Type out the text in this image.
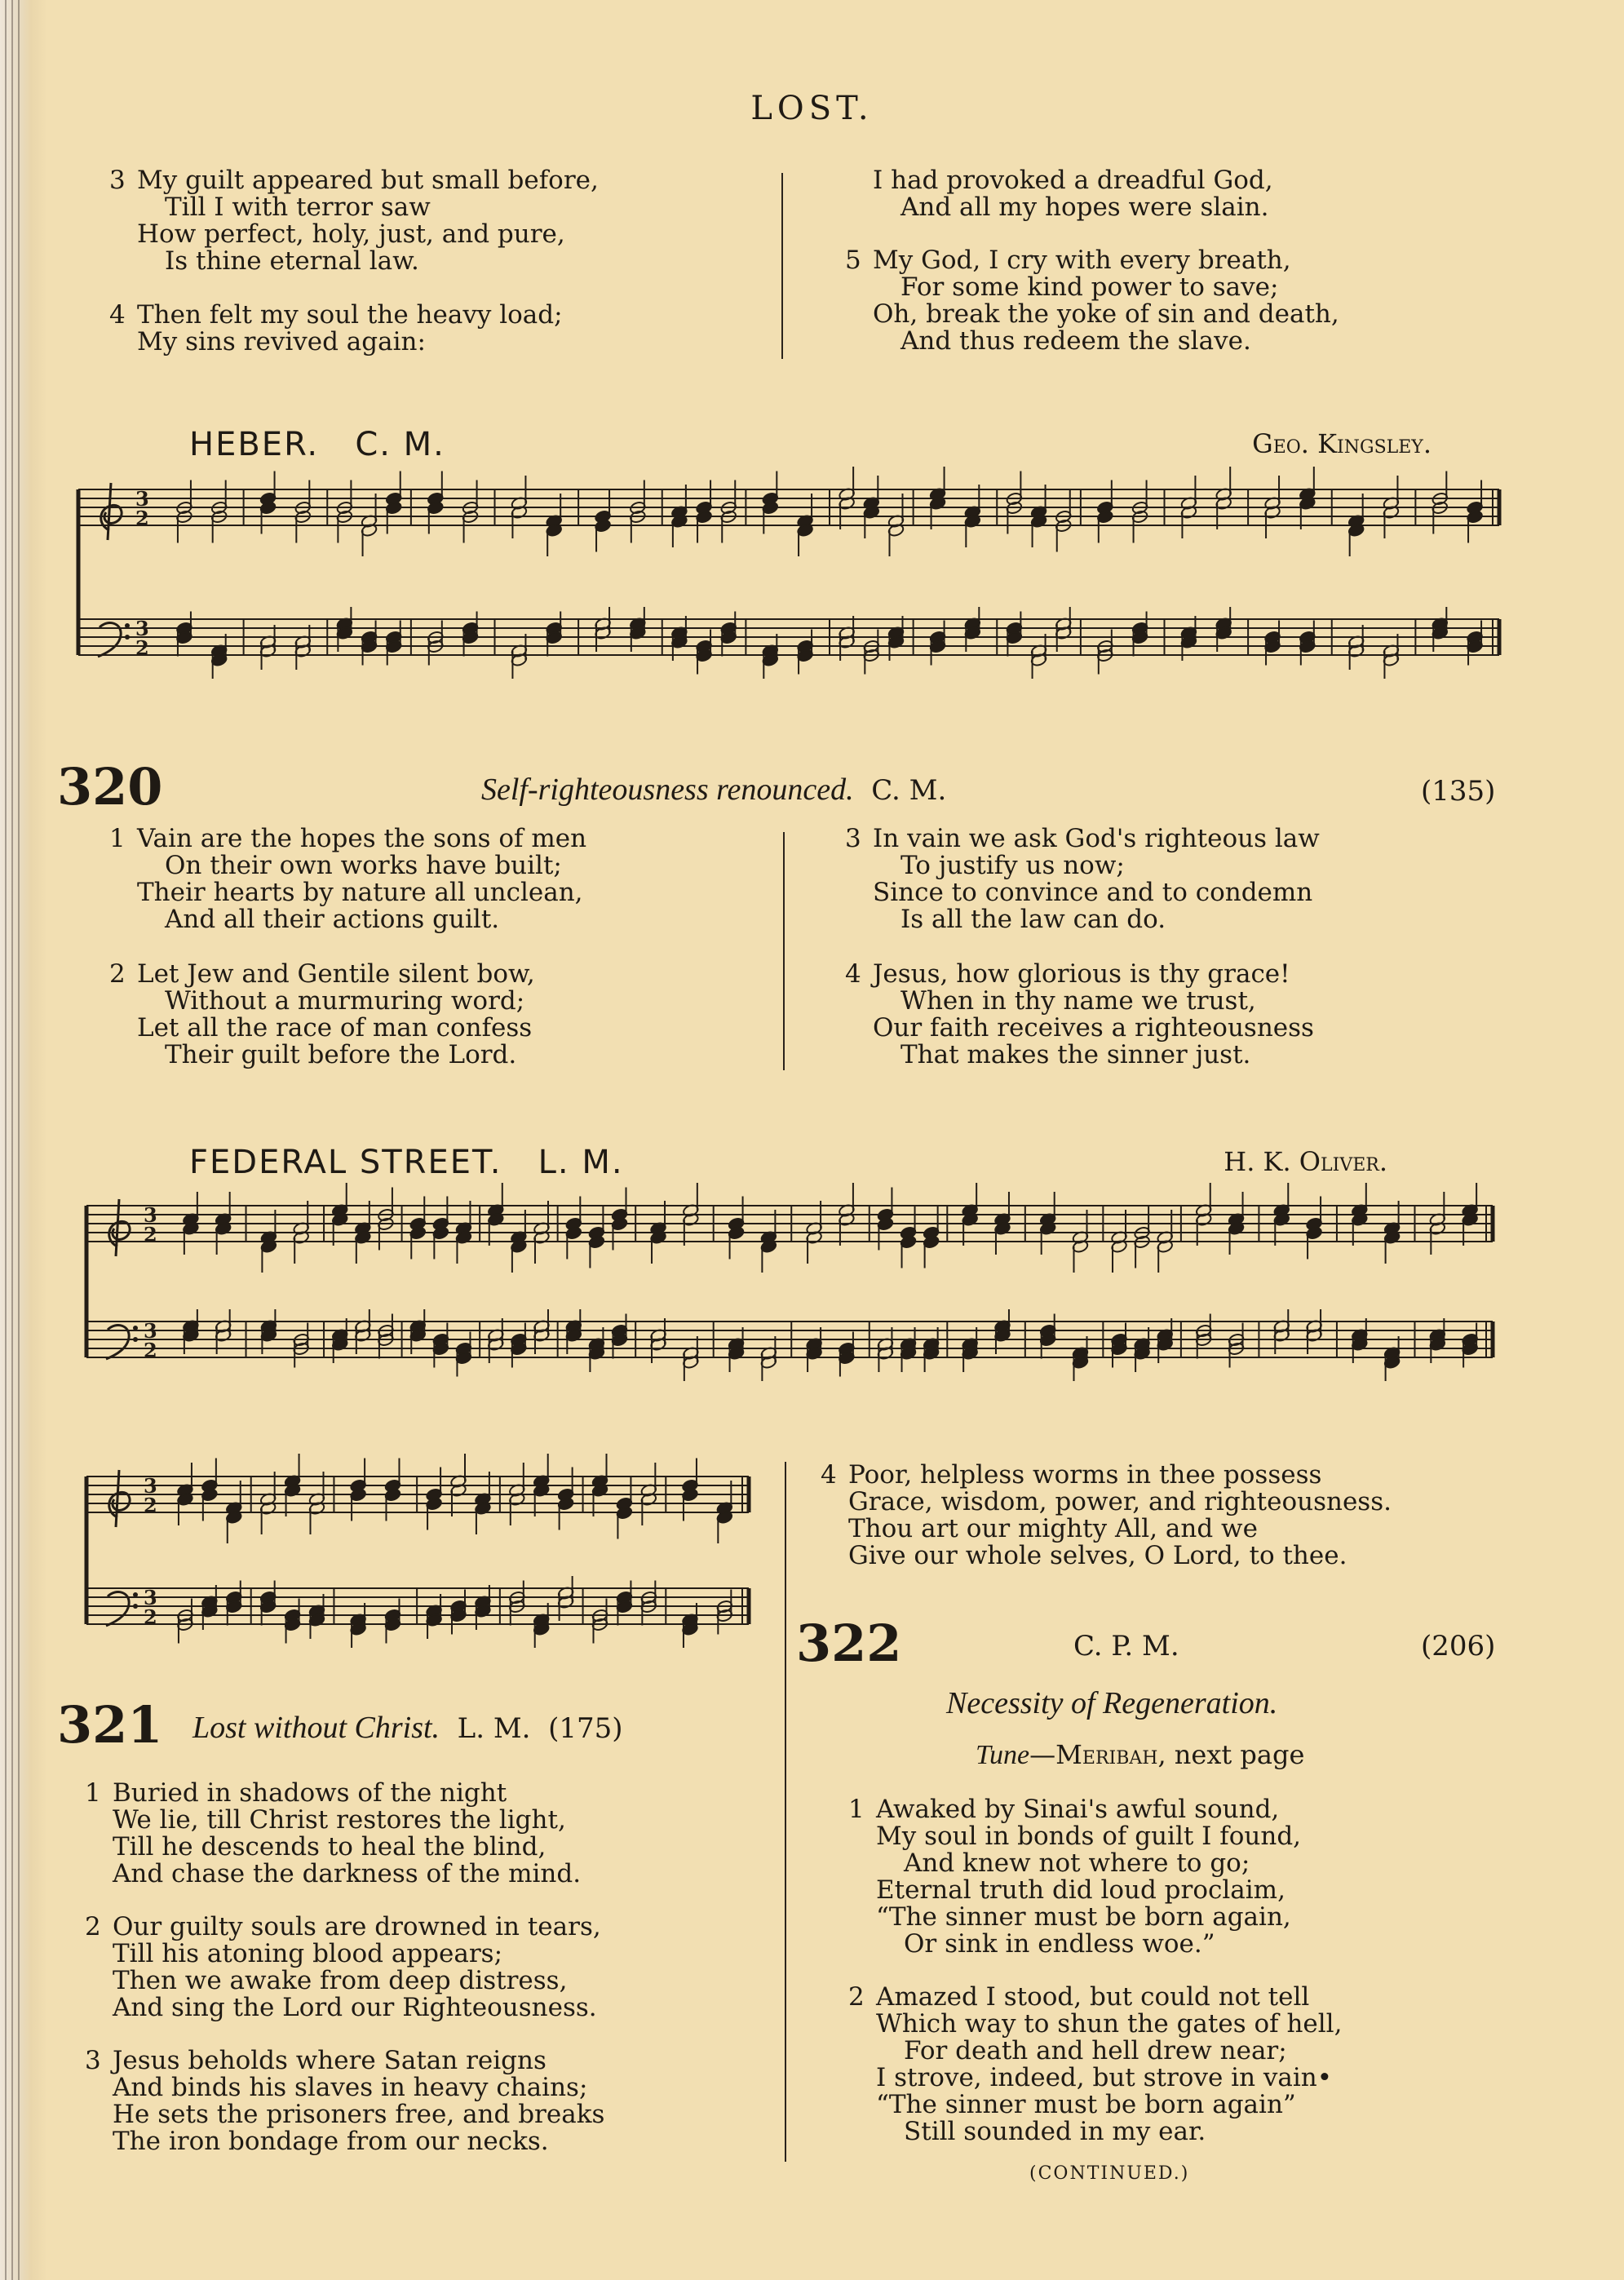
LOST.
3 My guilt appeared but small before,
Till I with terror saw
How perfect, holy, just, and pure,
Is thine eternal law.
4 Then felt my soul the heavy load;
My sins revived again:
I had provoked a dreadful God,
And all my hopes were slain.
5 My God, I cry with every breath,
For some kind power to save;
Oh, break the yoke of sin and death,
And thus redeem the slave.
HEBER. C. M.	Geo. Kingsley.
3
2
3
2
320	Self-righteousness renounced. C. M.	(135)
1 Vain are the hopes the sons of men
On their own works have built;
Their hearts by nature all unclean,
And all their actions guilt.
2 Let Jew and Gentile silent bow,
Without a murmuring word;
Let all the race of man confess
Their guilt before the Lord.
3 In vain we ask God's righteous law
To justify us now;
Since to convince and to condemn
Is all the law can do.
4 Jesus, how glorious is thy grace!
When in thy name we trust,
Our faith receives a righteousness
That makes the sinner just.
FEDERAL STREET. L. M.	H. K. Oliver.
3
2
3
2
3
2
3
2
321 Lost without Christ. L. M. (175)
1 Buried in shadows of the night
We lie, till Christ restores the light,
Till he descends to heal the blind,
And chase the darkness of the mind.
2 Our guilty souls are drowned in tears,
Till his atoning blood appears;
Then we awake from deep distress,
And sing the Lord our Righteousness.
3 Jesus beholds where Satan reigns
And binds his slaves in heavy chains;
He sets the prisoners free, and breaks
The iron bondage from our necks.
4 Poor, helpless worms in thee possess
Grace, wisdom, power, and righteousness.
Thou art our mighty All, and we
Give our whole selves, O Lord, to thee.
322	C. P. M.	(206)
Necessity of Regeneration.
Tune—Meribah, next page
1 Awaked by Sinai's awful sound,
My soul in bonds of guilt I found,
And knew not where to go;
Eternal truth did loud proclaim,
“The sinner must be born again,
Or sink in endless woe.”
2 Amazed I stood, but could not tell
Which way to shun the gates of hell,
For death and hell drew near;
I strove, indeed, but strove in vain•
“The sinner must be born again”
Still sounded in my ear.
(CONTINUED.)
